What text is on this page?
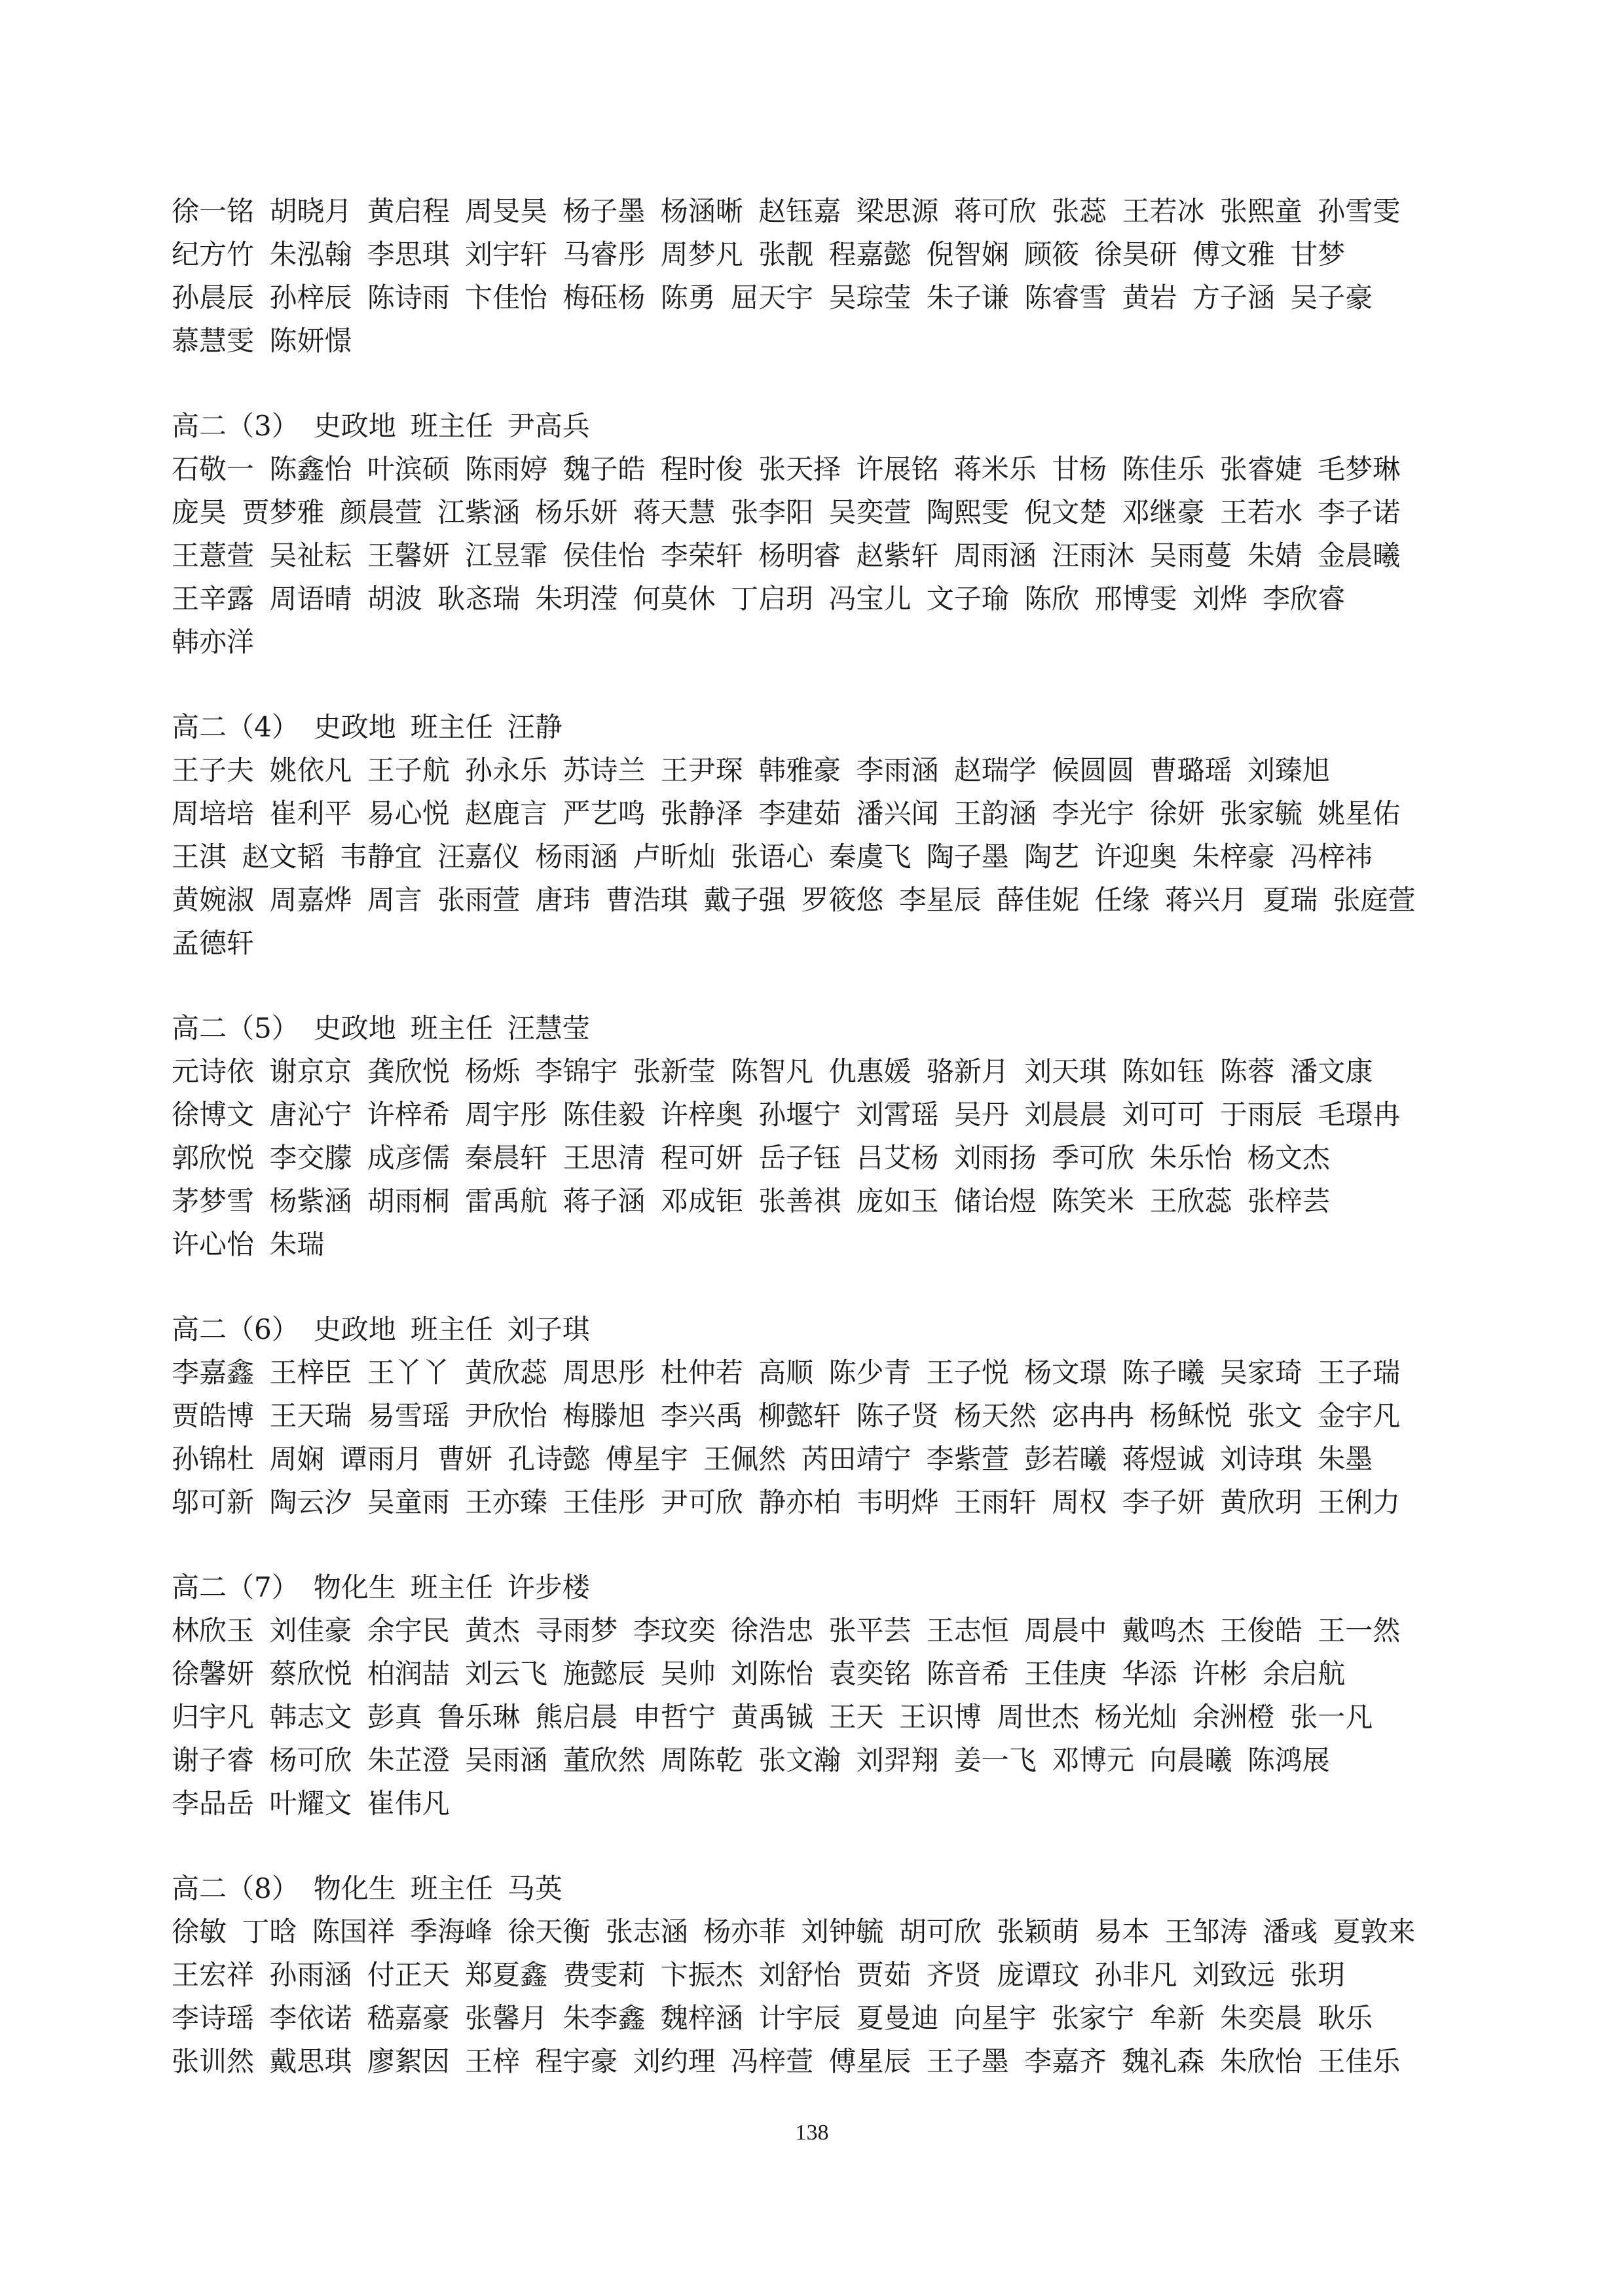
徐一铭 胡晓月 黄启程 周旻昊 杨子墨 杨涵晰 赵钰嘉 梁思源 蒋可欣 张蕊 王若冰 张熙童 孙雪雯
纪方竹 朱泓翰 李思琪 刘宇轩 马睿彤 周梦凡 张靓 程嘉懿 倪智娴 顾筱 徐昊研 傅文雅 甘梦
孙晨辰 孙梓辰 陈诗雨 卞佳怡 梅砡杨 陈勇 屈天宇 吴琮莹 朱子谦 陈睿雪 黄岩 方子涵 吴子豪
慕慧雯 陈妍憬
高二（3） 史政地 班主任 尹高兵
石敬一 陈鑫怡 叶滨硕 陈雨婷 魏子皓 程时俊 张天择 许展铭 蒋米乐 甘杨 陈佳乐 张睿婕 毛梦琳
庞昊 贾梦雅 颜晨萱 江紫涵 杨乐妍 蒋天慧 张李阳 吴奕萱 陶熙雯 倪文楚 邓继豪 王若水 李子诺
王薏萱 吴祉耘 王馨妍 江昱霏 侯佳怡 李荣轩 杨明睿 赵紫轩 周雨涵 汪雨沐 吴雨蔓 朱婧 金晨曦
王辛露 周语晴 胡波 耿忞瑞 朱玥滢 何莫休 丁启玥 冯宝儿 文子瑜 陈欣 邢博雯 刘烨 李欣睿
韩亦洋
高二（4） 史政地 班主任 汪静
王子夫 姚依凡 王子航 孙永乐 苏诗兰 王尹琛 韩雅豪 李雨涵 赵瑞学 候圆圆 曹璐瑶 刘臻旭
周培培 崔利平 易心悦 赵鹿言 严艺鸣 张静泽 李建茹 潘兴闻 王韵涵 李光宇 徐妍 张家毓 姚星佑
王淇 赵文韬 韦静宜 汪嘉仪 杨雨涵 卢昕灿 张语心 秦虞飞 陶子墨 陶艺 许迎奥 朱梓豪 冯梓祎
黄婉淑 周嘉烨 周言 张雨萱 唐玮 曹浩琪 戴子强 罗筱悠 李星辰 薛佳妮 任缘 蒋兴月 夏瑞 张庭萱
孟德轩
高二（5） 史政地 班主任 汪慧莹
元诗依 谢京京 龚欣悦 杨烁 李锦宇 张新莹 陈智凡 仇惠媛 骆新月 刘天琪 陈如钰 陈蓉 潘文康
徐博文 唐沁宁 许梓希 周宇彤 陈佳毅 许梓奥 孙堰宁 刘霄瑶 吴丹 刘晨晨 刘可可 于雨辰 毛璟冉
郭欣悦 李交朦 成彦儒 秦晨轩 王思清 程可妍 岳子钰 吕艾杨 刘雨扬 季可欣 朱乐怡 杨文杰
茅梦雪 杨紫涵 胡雨桐 雷禹航 蒋子涵 邓成钜 张善祺 庞如玉 储诒煜 陈笑米 王欣蕊 张梓芸
许心怡 朱瑞
高二（6） 史政地 班主任 刘子琪
李嘉鑫 王梓臣 王丫丫 黄欣蕊 周思彤 杜仲若 高顺 陈少青 王子悦 杨文璟 陈子曦 吴家琦 王子瑞
贾皓博 王天瑞 易雪瑶 尹欣怡 梅滕旭 李兴禹 柳懿轩 陈子贤 杨天然 宓冉冉 杨稣悦 张文 金宇凡
孙锦杜 周娴 谭雨月 曹妍 孔诗懿 傅星宇 王佩然 芮田靖宁 李紫萱 彭若曦 蒋煜诚 刘诗琪 朱墨
邬可新 陶云汐 吴童雨 王亦臻 王佳彤 尹可欣 静亦柏 韦明烨 王雨轩 周权 李子妍 黄欣玥 王俐力
高二（7） 物化生 班主任 许步楼
林欣玉 刘佳豪 余宇民 黄杰 寻雨梦 李玟奕 徐浩忠 张平芸 王志恒 周晨中 戴鸣杰 王俊皓 王一然
徐馨妍 蔡欣悦 柏润喆 刘云飞 施懿辰 吴帅 刘陈怡 袁奕铭 陈音希 王佳庚 华添 许彬 余启航
归宇凡 韩志文 彭真 鲁乐琳 熊启晨 申哲宁 黄禹铖 王天 王识博 周世杰 杨光灿 余洲橙 张一凡
谢子睿 杨可欣 朱芷澄 吴雨涵 董欣然 周陈乾 张文瀚 刘羿翔 姜一飞 邓博元 向晨曦 陈鸿展
李品岳 叶耀文 崔伟凡
高二（8） 物化生 班主任 马英
徐敏 丁晗 陈国祥 季海峰 徐天衡 张志涵 杨亦菲 刘钟毓 胡可欣 张颖萌 易本 王邹涛 潘彧 夏敦来
王宏祥 孙雨涵 付正天 郑夏鑫 费雯莉 卞振杰 刘舒怡 贾茹 齐贤 庞谭玟 孙非凡 刘致远 张玥
李诗瑶 李依诺 嵇嘉豪 张馨月 朱李鑫 魏梓涵 计宇辰 夏曼迪 向星宇 张家宁 牟新 朱奕晨 耿乐
张训然 戴思琪 廖絮因 王梓 程宇豪 刘约理 冯梓萱 傅星辰 王子墨 李嘉齐 魏礼森 朱欣怡 王佳乐
138
